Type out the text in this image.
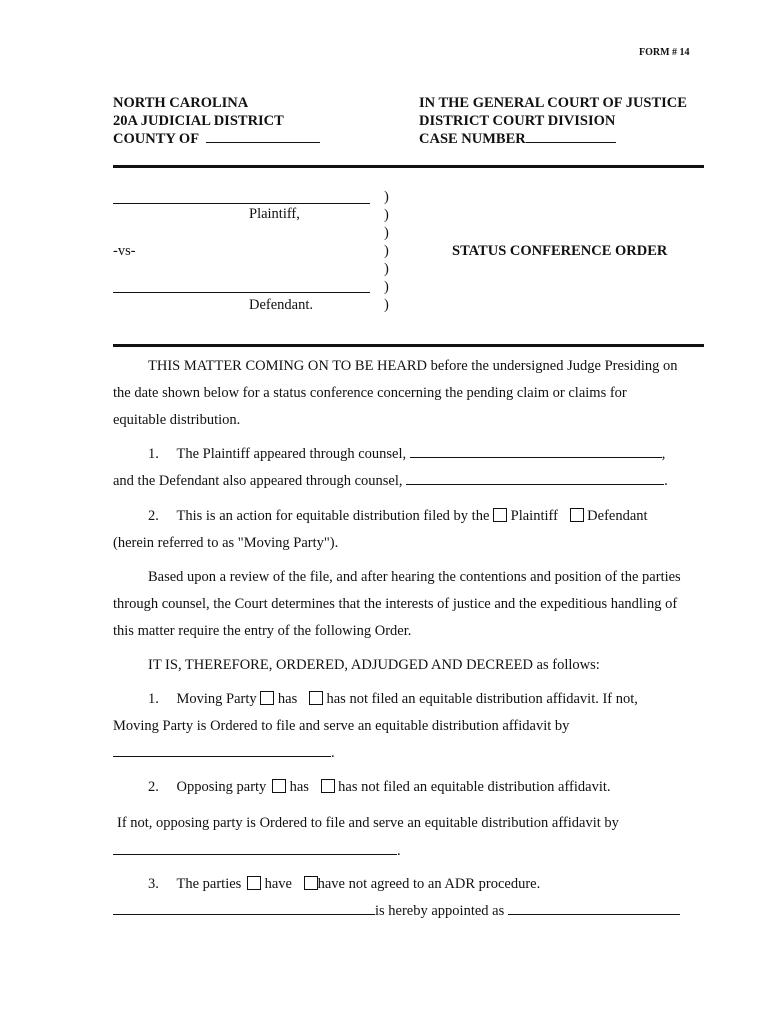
FORM # 14
NORTH CAROLINA
20A JUDICIAL DISTRICT
COUNTY OF
IN THE GENERAL COURT OF JUSTICE
DISTRICT COURT DIVISION
CASE NUMBER
Plaintiff,
-vs-
Defendant.
)
)
)
)
)
)
)
STATUS CONFERENCE ORDER
THIS MATTER COMING ON TO BE HEARD before the undersigned Judge Presiding on
the date shown below for a status conference concerning the pending claim or claims for
equitable distribution.
1. The Plaintiff appeared through counsel,	,
and the Defendant also appeared through counsel,	.
2. This is an action for equitable distribution filed by the Plaintiff Defendant
(herein referred to as "Moving Party").
Based upon a review of the file, and after hearing the contentions and position of the parties
through counsel, the Court determines that the interests of justice and the expeditious handling of
this matter require the entry of the following Order.
IT IS, THEREFORE, ORDERED, ADJUDGED AND DECREED as follows:
1. Moving Party has has not filed an equitable distribution affidavit. If not,
Moving Party is Ordered to file and serve an equitable distribution affidavit by
.
2. Opposing party has has not filed an equitable distribution affidavit.
If not, opposing party is Ordered to file and serve an equitable distribution affidavit by
.
3. The parties have have not agreed to an ADR procedure.
is hereby appointed as
